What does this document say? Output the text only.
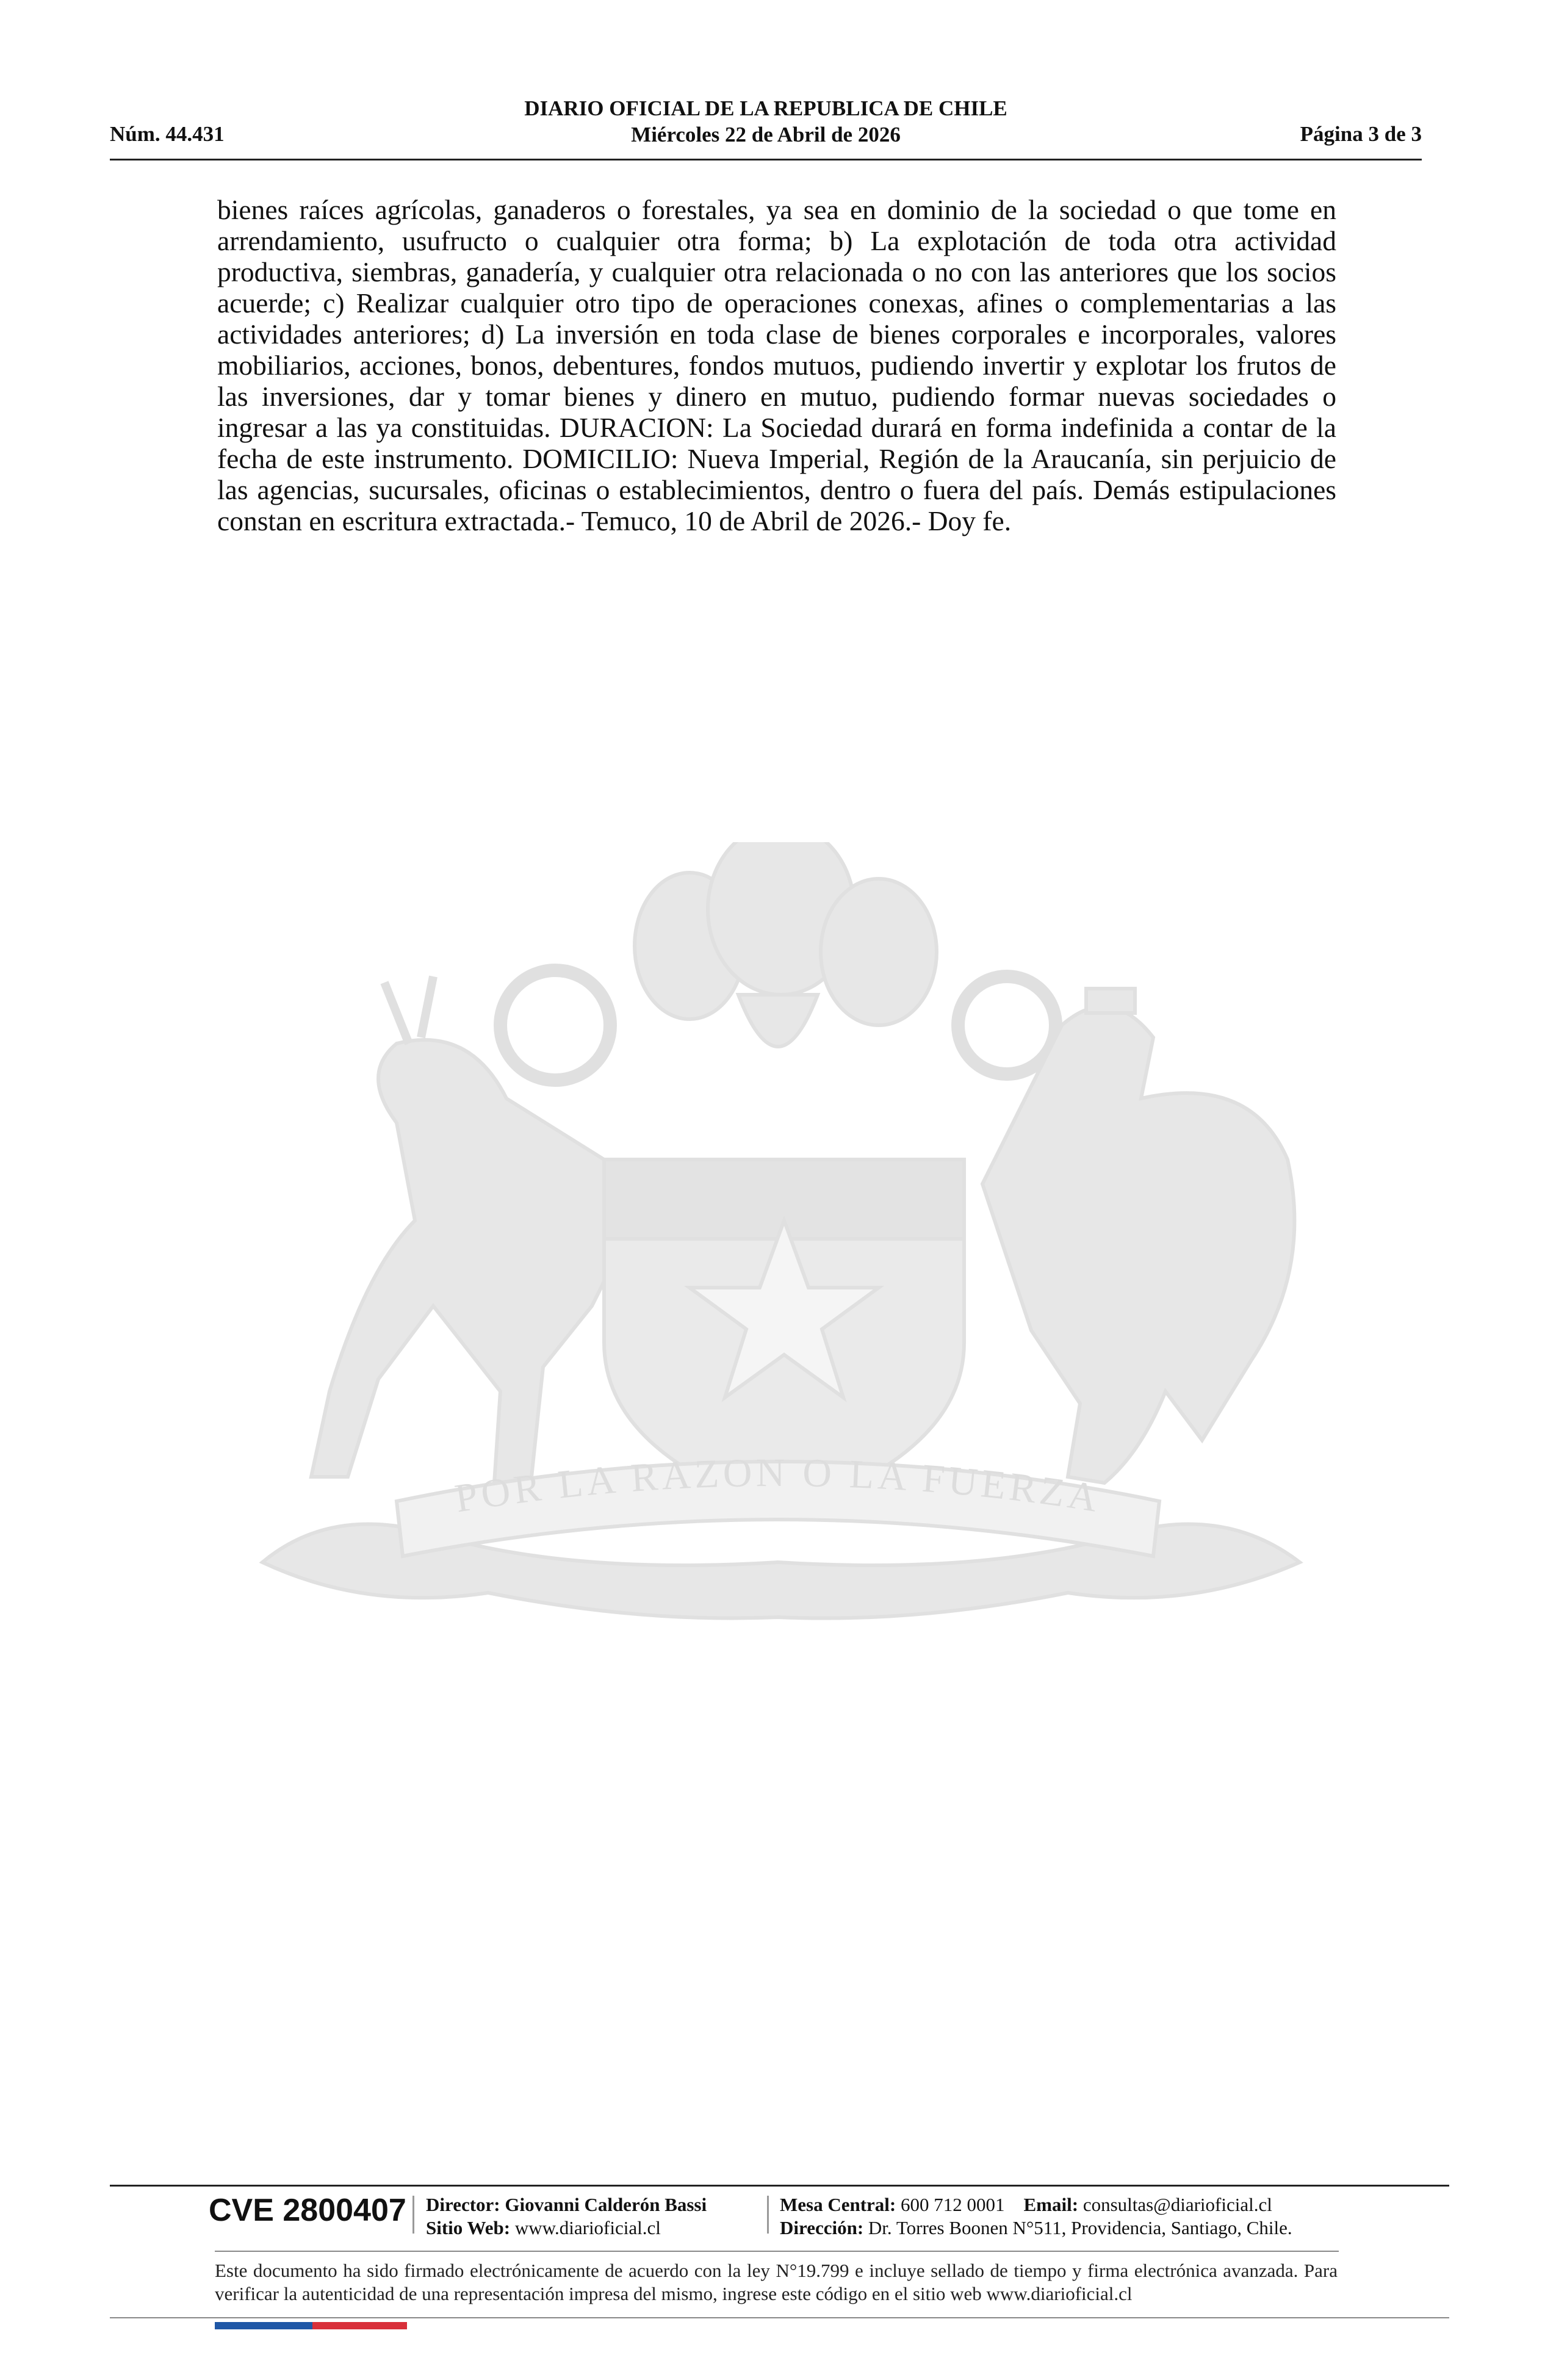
DIARIO OFICIAL DE LA REPUBLICA DE CHILE
Miércoles 22 de Abril de 2026
Núm. 44.431	Página 3 de 3
bienes raíces agrícolas, ganaderos o forestales, ya sea en dominio de la sociedad o que tome en arrendamiento, usufructo o cualquier otra forma; b) La explotación de toda otra actividad productiva, siembras, ganadería, y cualquier otra relacionada o no con las anteriores que los socios acuerde; c) Realizar cualquier otro tipo de operaciones conexas, afines o complementarias a las actividades anteriores; d) La inversión en toda clase de bienes corporales e incorporales, valores mobiliarios, acciones, bonos, debentures, fondos mutuos, pudiendo invertir y explotar los frutos de las inversiones, dar y tomar bienes y dinero en mutuo, pudiendo formar nuevas sociedades o ingresar a las ya constituidas. DURACION: La Sociedad durará en forma indefinida a contar de la fecha de este instrumento. DOMICILIO: Nueva Imperial, Región de la Araucanía, sin perjuicio de las agencias, sucursales, oficinas o establecimientos, dentro o fuera del país. Demás estipulaciones constan en escritura extractada.- Temuco, 10 de Abril de 2026.- Doy fe.
POR LA RAZON O LA FUERZA
CVE 2800407 Director: Giovanni Calderón Bassi
Sitio Web: www.diarioficial.cl
Mesa Central: 600 712 0001 Email: consultas@diarioficial.cl
Dirección: Dr. Torres Boonen N°511, Providencia, Santiago, Chile.
Este documento ha sido firmado electrónicamente de acuerdo con la ley N°19.799 e incluye sellado de tiempo y firma electrónica avanzada. Para verificar la autenticidad de una representación impresa del mismo, ingrese este código en el sitio web www.diarioficial.cl
